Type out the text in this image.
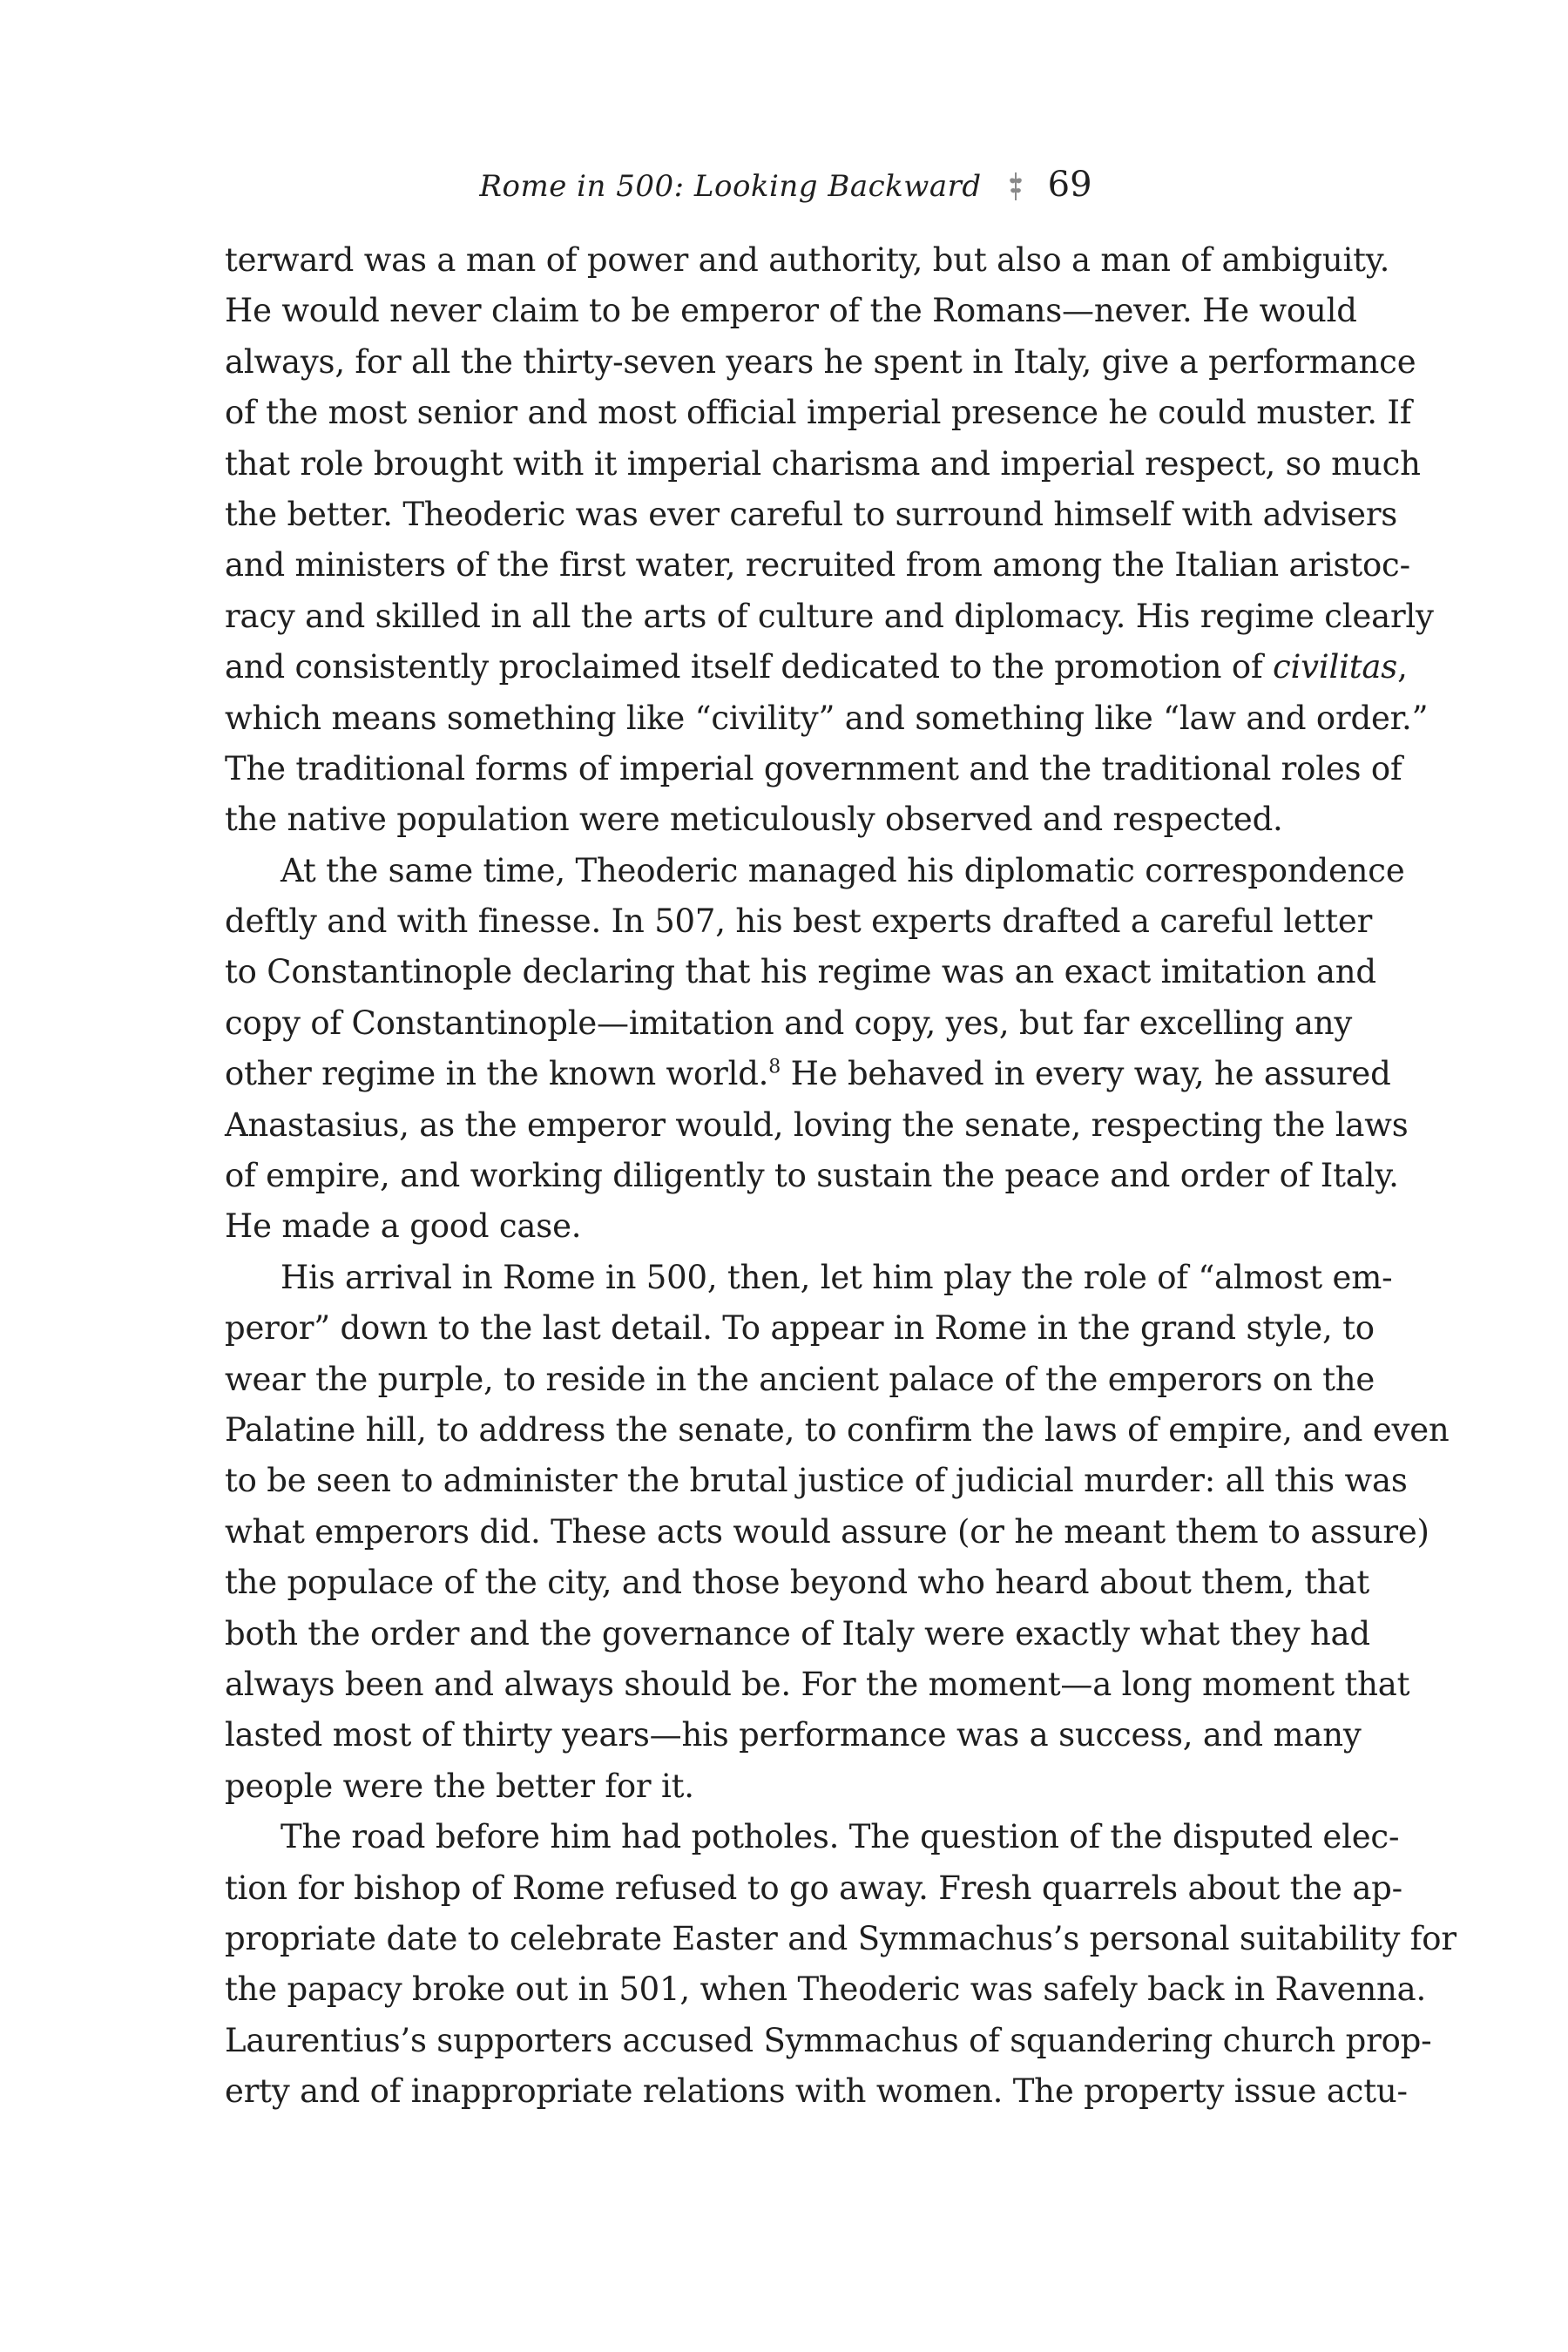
Rome in 500: Looking Backward 69
terward was a man of power and authority, but also a man of ambiguity.
He would never claim to be emperor of the Romans—never. He would
always, for all the thirty-seven years he spent in Italy, give a performance
of the most senior and most official imperial presence he could muster. If
that role brought with it imperial charisma and imperial respect, so much
the better. Theoderic was ever careful to surround himself with advisers
and ministers of the first water, recruited from among the Italian aristoc-
racy and skilled in all the arts of culture and diplomacy. His regime clearly
and consistently proclaimed itself dedicated to the promotion of civilitas,
which means something like “civility” and something like “law and order.”
The traditional forms of imperial government and the traditional roles of
the native population were meticulously observed and respected.
At the same time, Theoderic managed his diplomatic correspondence
deftly and with finesse. In 507, his best experts drafted a careful letter
to Constantinople declaring that his regime was an exact imitation and
copy of Constantinople—imitation and copy, yes, but far excelling any
other regime in the known world.$^8$ He behaved in every way, he assured
Anastasius, as the emperor would, loving the senate, respecting the laws
of empire, and working diligently to sustain the peace and order of Italy.
He made a good case.
His arrival in Rome in 500, then, let him play the role of “almost em-
peror” down to the last detail. To appear in Rome in the grand style, to
wear the purple, to reside in the ancient palace of the emperors on the
Palatine hill, to address the senate, to confirm the laws of empire, and even
to be seen to administer the brutal justice of judicial murder: all this was
what emperors did. These acts would assure (or he meant them to assure)
the populace of the city, and those beyond who heard about them, that
both the order and the governance of Italy were exactly what they had
always been and always should be. For the moment—a long moment that
lasted most of thirty years—his performance was a success, and many
people were the better for it.
The road before him had potholes. The question of the disputed elec-
tion for bishop of Rome refused to go away. Fresh quarrels about the ap-
propriate date to celebrate Easter and Symmachus’s personal suitability for
the papacy broke out in 501, when Theoderic was safely back in Ravenna.
Laurentius’s supporters accused Symmachus of squandering church prop-
erty and of inappropriate relations with women. The property issue actu-
